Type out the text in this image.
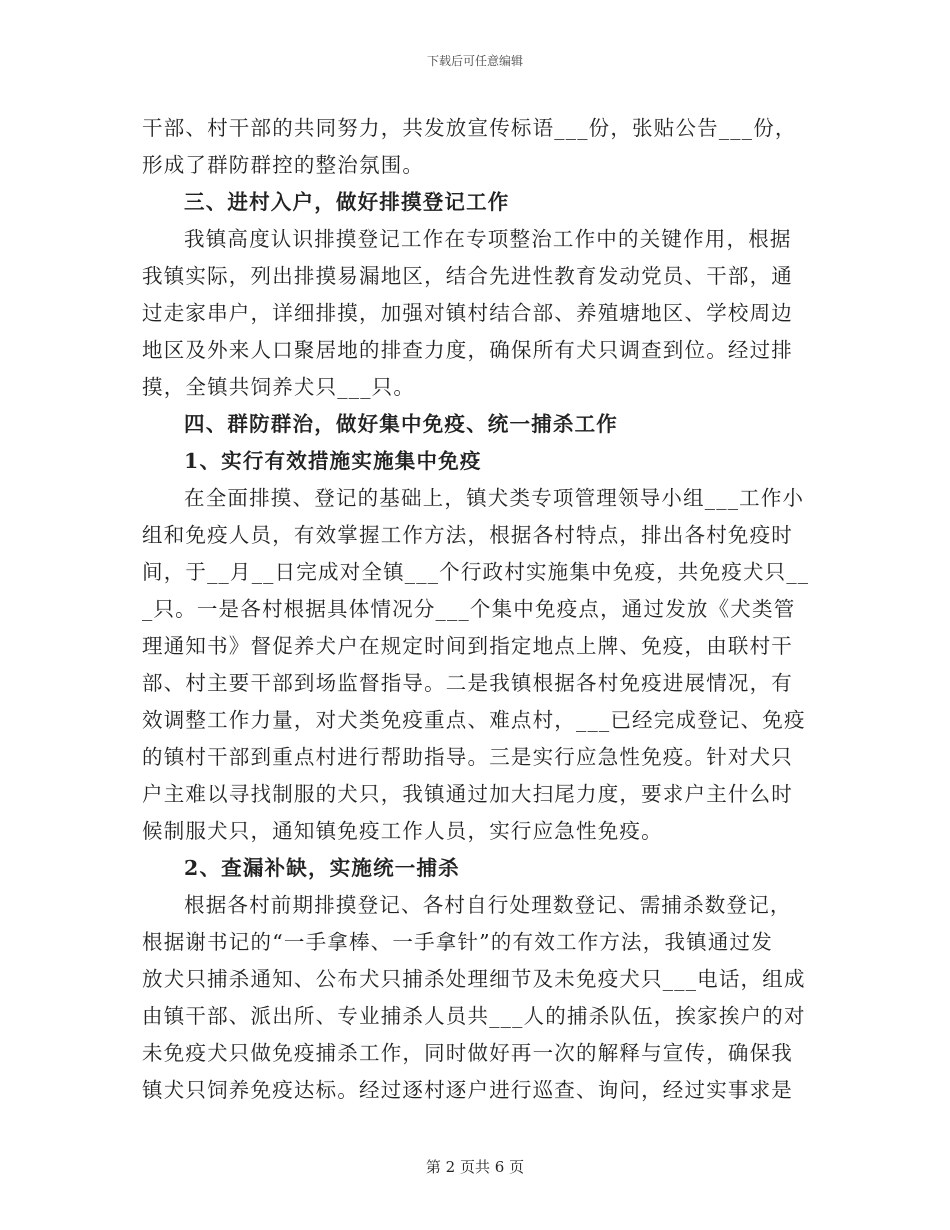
下载后可任意编辑
干部、村干部的共同努力，共发放宣传标语___份，张贴公告___份，
形成了群防群控的整治氛围。
三、进村入户，做好排摸登记工作
我镇高度认识排摸登记工作在专项整治工作中的关键作用，根据
我镇实际，列出排摸易漏地区，结合先进性教育发动党员、干部，通
过走家串户，详细排摸，加强对镇村结合部、养殖塘地区、学校周边
地区及外来人口聚居地的排查力度，确保所有犬只调查到位。经过排
摸，全镇共饲养犬只___只。
四、群防群治，做好集中免疫、统一捕杀工作
1、实行有效措施实施集中免疫
在全面排摸、登记的基础上，镇犬类专项管理领导小组___工作小
组和免疫人员，有效掌握工作方法，根据各村特点，排出各村免疫时
间，于__月__日完成对全镇___个行政村实施集中免疫，共免疫犬只__
_只。一是各村根据具体情况分___个集中免疫点，通过发放《犬类管
理通知书》督促养犬户在规定时间到指定地点上牌、免疫，由联村干
部、村主要干部到场监督指导。二是我镇根据各村免疫进展情况，有
效调整工作力量，对犬类免疫重点、难点村，___已经完成登记、免疫
的镇村干部到重点村进行帮助指导。三是实行应急性免疫。针对犬只
户主难以寻找制服的犬只，我镇通过加大扫尾力度，要求户主什么时
候制服犬只，通知镇免疫工作人员，实行应急性免疫。
2、查漏补缺，实施统一捕杀
根据各村前期排摸登记、各村自行处理数登记、需捕杀数登记，
根据谢书记的“一手拿棒、一手拿针”的有效工作方法，我镇通过发
放犬只捕杀通知、公布犬只捕杀处理细节及未免疫犬只___电话，组成
由镇干部、派出所、专业捕杀人员共___人的捕杀队伍，挨家挨户的对
未免疫犬只做免疫捕杀工作，同时做好再一次的解释与宣传，确保我
镇犬只饲养免疫达标。经过逐村逐户进行巡查、询问，经过实事求是
第 2 页共 6 页
